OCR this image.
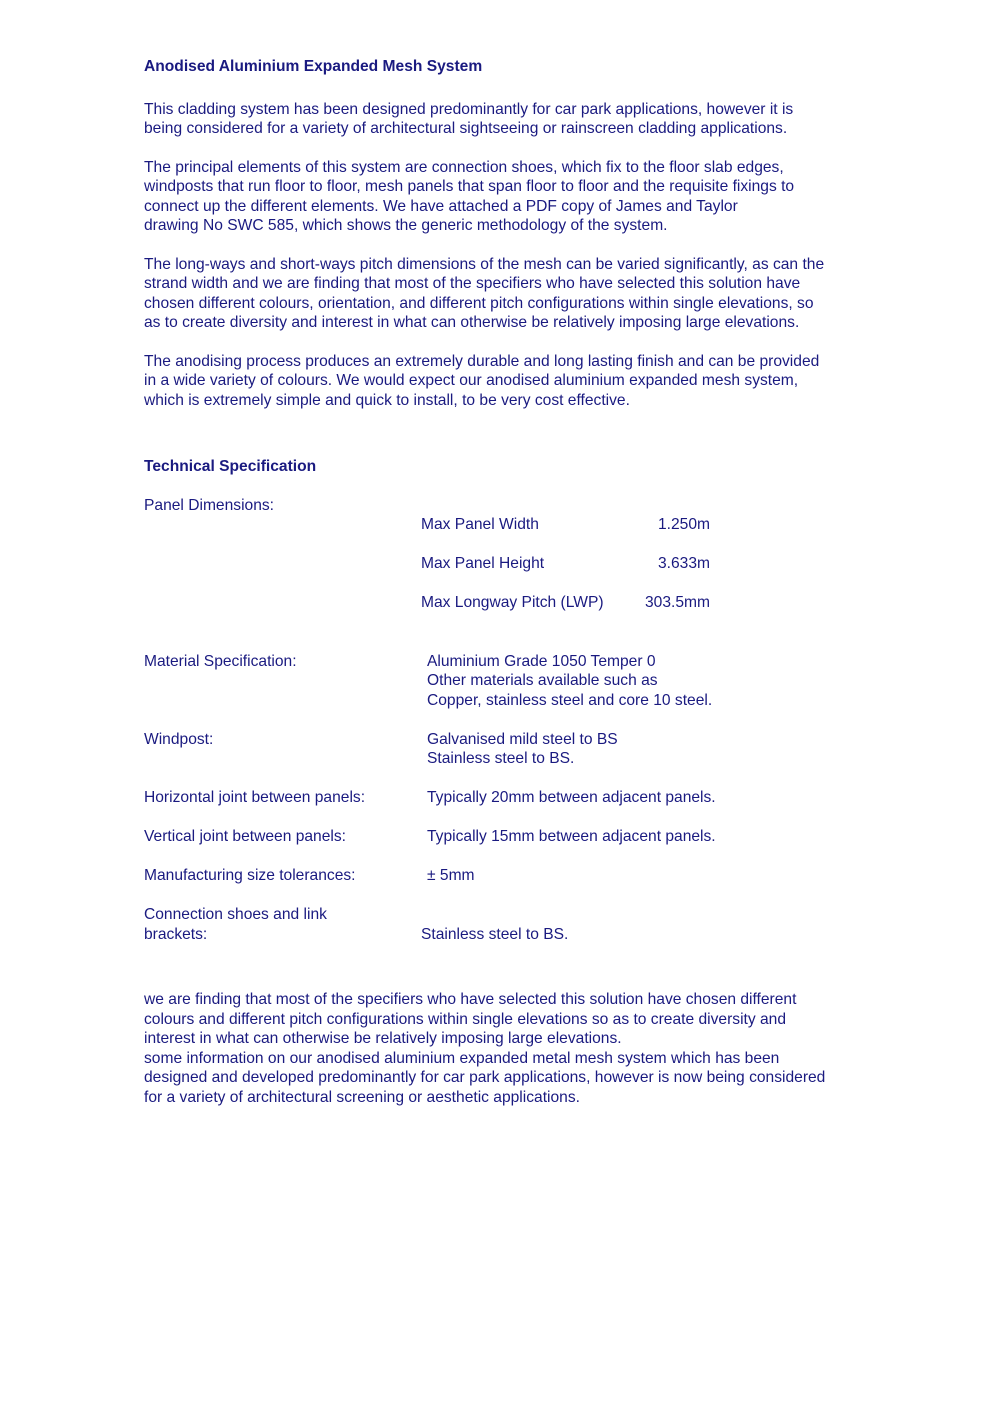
Anodised Aluminium Expanded Mesh System

This cladding system has been designed predominantly for car park applications, however it is
being considered for a variety of architectural sightseeing or rainscreen cladding applications.

The principal elements of this system are connection shoes, which fix to the floor slab edges,
windposts that run floor to floor, mesh panels that span floor to floor and the requisite fixings to
connect up the different elements. We have attached a PDF copy of James and Taylor
drawing No SWC 585, which shows the generic methodology of the system.

The long-ways and short-ways pitch dimensions of the mesh can be varied significantly, as can the
strand width and we are finding that most of the specifiers who have selected this solution have
chosen different colours, orientation, and different pitch configurations within single elevations, so
as to create diversity and interest in what can otherwise be relatively imposing large elevations.

The anodising process produces an extremely durable and long lasting finish and can be provided
in a wide variety of colours. We would expect our anodised aluminium expanded mesh system,
which is extremely simple and quick to install, to be very cost effective.

Technical Specification
Panel Dimensions:

Max Panel Width	1.250m

Max Panel Height	3.633m

Max Longway Pitch (LWP)	303.5mm

Material Specification:	Aluminium Grade 1050 Temper 0
Other materials available such as
Copper, stainless steel and core 10 steel.
Windpost:	Galvanised mild steel to BS
Stainless steel to BS.
Horizontal joint between panels:	Typically 20mm between adjacent panels.
Vertical joint between panels:	Typically 15mm between adjacent panels.
Manufacturing size tolerances:	± 5mm
Connection shoes and link
brackets:	Stainless steel to BS.

we are finding that most of the specifiers who have selected this solution have chosen different
colours and different pitch configurations within single elevations so as to create diversity and
interest in what can otherwise be relatively imposing large elevations.
some information on our anodised aluminium expanded metal mesh system which has been
designed and developed predominantly for car park applications, however is now being considered
for a variety of architectural screening or aesthetic applications.
